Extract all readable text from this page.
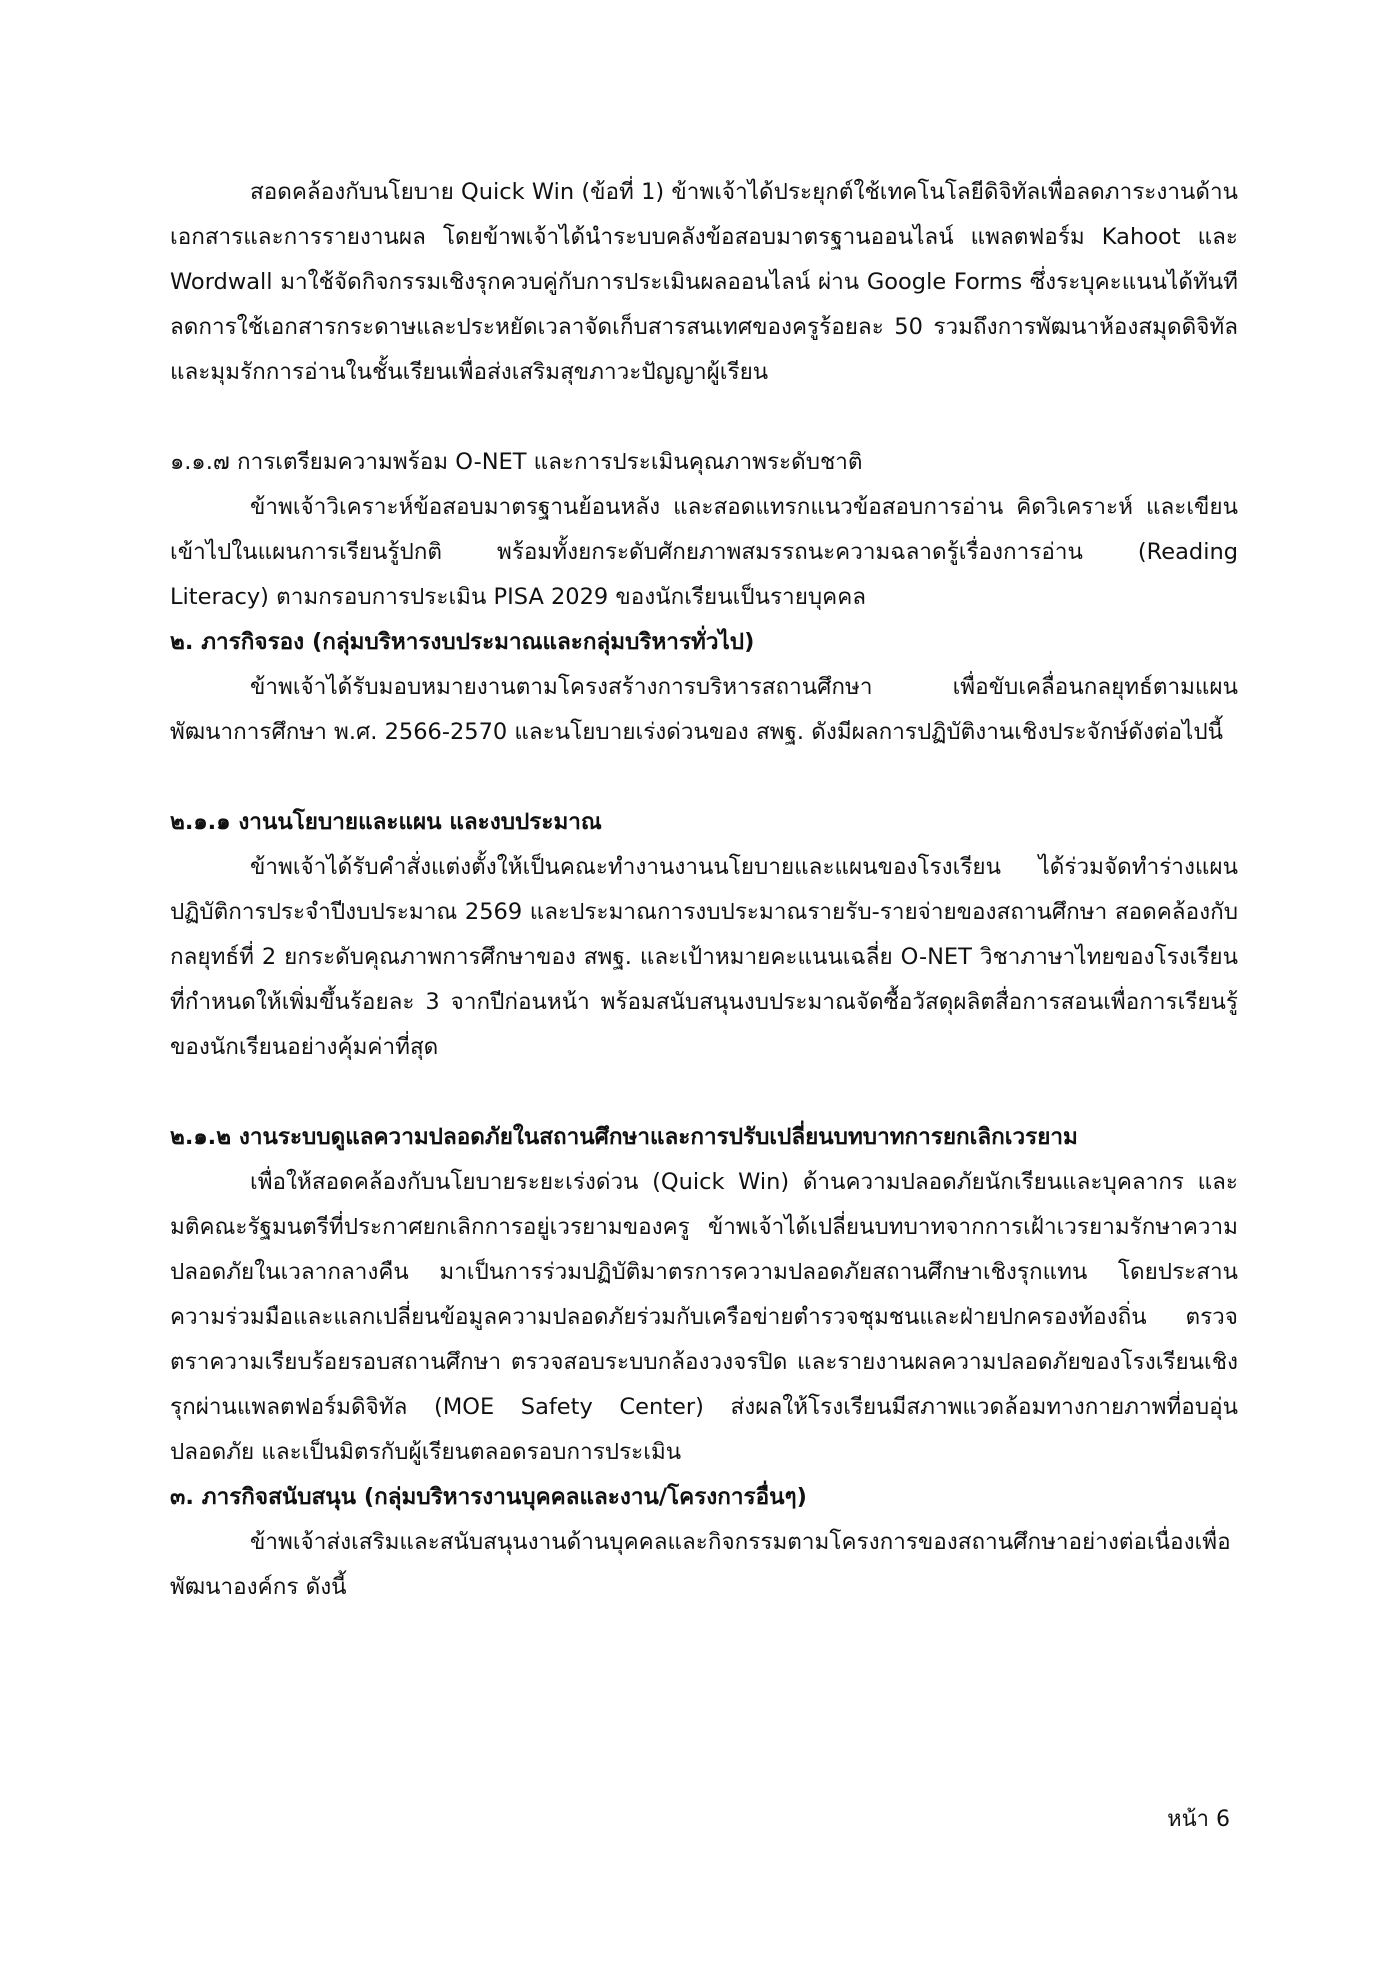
สอดคล้องกับนโยบาย Quick Win (ข้อที่ 1) ข้าพเจ้าได้ประยุกต์ใช้เทคโนโลยีดิจิทัลเพื่อลดภาระงานด้านเอกสารและการรายงานผล โดยข้าพเจ้าได้นำระบบคลังข้อสอบมาตรฐานออนไลน์ แพลตฟอร์ม Kahoot และ Wordwall มาใช้จัดกิจกรรมเชิงรุกควบคู่กับการประเมินผลออนไลน์ ผ่าน Google Forms ซึ่งระบุคะแนนได้ทันที ลดการใช้เอกสารกระดาษและประหยัดเวลาจัดเก็บสารสนเทศของครูร้อยละ 50 รวมถึงการพัฒนาห้องสมุดดิจิทัลและมุมรักการอ่านในชั้นเรียนเพื่อส่งเสริมสุขภาวะปัญญาผู้เรียน

๑.๑.๗ การเตรียมความพร้อม O-NET และการประเมินคุณภาพระดับชาติ

ข้าพเจ้าวิเคราะห์ข้อสอบมาตรฐานย้อนหลัง และสอดแทรกแนวข้อสอบการอ่าน คิดวิเคราะห์ และเขียน เข้าไปในแผนการเรียนรู้ปกติ พร้อมทั้งยกระดับศักยภาพสมรรถนะความฉลาดรู้เรื่องการอ่าน (Reading Literacy) ตามกรอบการประเมิน PISA 2029 ของนักเรียนเป็นรายบุคคล

๒. ภารกิจรอง (กลุ่มบริหารงบประมาณและกลุ่มบริหารทั่วไป)

ข้าพเจ้าได้รับมอบหมายงานตามโครงสร้างการบริหารสถานศึกษา เพื่อขับเคลื่อนกลยุทธ์ตามแผนพัฒนาการศึกษา พ.ศ. 2566-2570 และนโยบายเร่งด่วนของ สพฐ. ดังมีผลการปฏิบัติงานเชิงประจักษ์ดังต่อไปนี้

๒.๑.๑ งานนโยบายและแผน และงบประมาณ

ข้าพเจ้าได้รับคำสั่งแต่งตั้งให้เป็นคณะทำงานงานนโยบายและแผนของโรงเรียน ได้ร่วมจัดทำร่างแผนปฏิบัติการประจำปีงบประมาณ 2569 และประมาณการงบประมาณรายรับ-รายจ่ายของสถานศึกษา สอดคล้องกับกลยุทธ์ที่ 2 ยกระดับคุณภาพการศึกษาของ สพฐ. และเป้าหมายคะแนนเฉลี่ย O-NET วิชาภาษาไทยของโรงเรียนที่กำหนดให้เพิ่มขึ้นร้อยละ 3 จากปีก่อนหน้า พร้อมสนับสนุนงบประมาณจัดซื้อวัสดุผลิตสื่อการสอนเพื่อการเรียนรู้ของนักเรียนอย่างคุ้มค่าที่สุด

๒.๑.๒ งานระบบดูแลความปลอดภัยในสถานศึกษาและการปรับเปลี่ยนบทบาทการยกเลิกเวรยาม

เพื่อให้สอดคล้องกับนโยบายระยะเร่งด่วน (Quick Win) ด้านความปลอดภัยนักเรียนและบุคลากร และมติคณะรัฐมนตรีที่ประกาศยกเลิกการอยู่เวรยามของครู ข้าพเจ้าได้เปลี่ยนบทบาทจากการเฝ้าเวรยามรักษาความปลอดภัยในเวลากลางคืน มาเป็นการร่วมปฏิบัติมาตรการความปลอดภัยสถานศึกษาเชิงรุกแทน โดยประสานความร่วมมือและแลกเปลี่ยนข้อมูลความปลอดภัยร่วมกับเครือข่ายตำรวจชุมชนและฝ่ายปกครองท้องถิ่น ตรวจตราความเรียบร้อยรอบสถานศึกษา ตรวจสอบระบบกล้องวงจรปิด และรายงานผลความปลอดภัยของโรงเรียนเชิงรุกผ่านแพลตฟอร์มดิจิทัล (MOE Safety Center) ส่งผลให้โรงเรียนมีสภาพแวดล้อมทางกายภาพที่อบอุ่น ปลอดภัย และเป็นมิตรกับผู้เรียนตลอดรอบการประเมิน

๓. ภารกิจสนับสนุน (กลุ่มบริหารงานบุคคลและงาน/โครงการอื่นๆ)

ข้าพเจ้าส่งเสริมและสนับสนุนงานด้านบุคคลและกิจกรรมตามโครงการของสถานศึกษาอย่างต่อเนื่องเพื่อพัฒนาองค์กร ดังนี้

หน้า 6
